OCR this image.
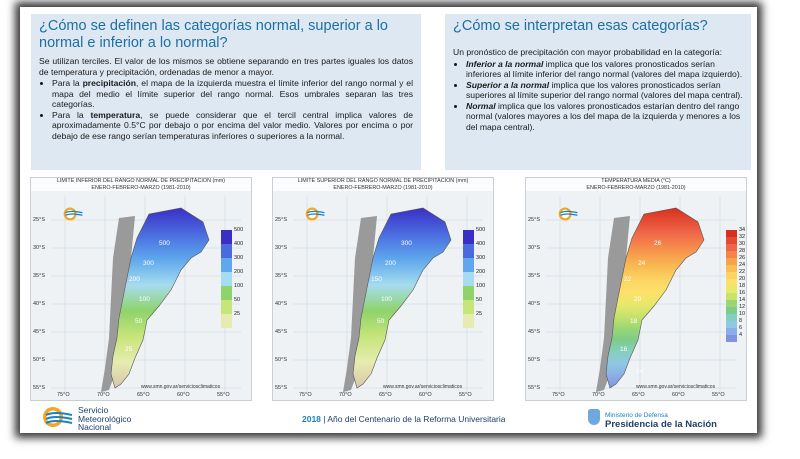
¿Cómo se definen las categorías normal, superior a lo normal e inferior a lo normal?

Se utilizan terciles. El valor de los mismos se obtiene separando en tres partes iguales los datos de temperatura y precipitación, ordenadas de menor a mayor.

• Para la precipitación, el mapa de la izquierda muestra el límite inferior del rango normal y el mapa del medio el límite superior del rango normal. Esos umbrales separan las tres categorías.
• Para la temperatura, se puede considerar que el tercil central implica valores de aproximadamente 0.5°C por debajo o por encima del valor medio. Valores por encima o por debajo de ese rango serían temperaturas inferiores o superiores a la normal.
¿Cómo se interpretan esas categorías?

Un pronóstico de precipitación con mayor probabilidad en la categoría:

• Inferior a la normal implica que los valores pronosticados serían inferiores al límite inferior del rango normal (valores del mapa izquierdo).
• Superior a la normal implica que los valores pronosticados serían superiores al límite superior del rango normal (valores del mapa central).
• Normal implica que los valores pronosticados estarían dentro del rango normal (valores mayores a los del mapa de la izquierda y menores a los del mapa central).
LÍMITE INFERIOR DEL RANGO NORMAL DE PRECIPITACIÓN (mm)
ENERO-FEBRERO-MARZO (1981-2010)
500
300
200
100
50
25
25°S
30°S
35°S
40°S
45°S
50°S
55°S
75°O	70°O	65°O	60°O	55°O
500
400
300
200
100
50
25
www.smn.gov.ar/serviciosclimaticos
LÍMITE SUPERIOR DEL RANGO NORMAL DE PRECIPITACIÓN (mm)
ENERO-FEBRERO-MARZO (1981-2010)
300
200
150
100
50
25°S
30°S
35°S
40°S
45°S
50°S
55°S
75°O	70°O	65°O	60°O	55°O
500
400
300
200
100
50
25
www.smn.gov.ar/serviciosclimaticos
TEMPERATURA MEDIA (°C)
ENERO-FEBRERO-MARZO (1981-2010)
26
24
22
20
18
16
14
25°S
30°S
35°S
40°S
45°S
50°S
55°S
75°O	70°O	65°O	60°O	55°O
34
32
30
28
26
24
22
20
18
16
14
12
10
8
6
4
www.smn.gov.ar/serviciosclimaticos
Servicio
Meteorológico
Nacional
2018 | Año del Centenario de la Reforma Universitaria	Ministerio de Defensa
Presidencia de la Nación
